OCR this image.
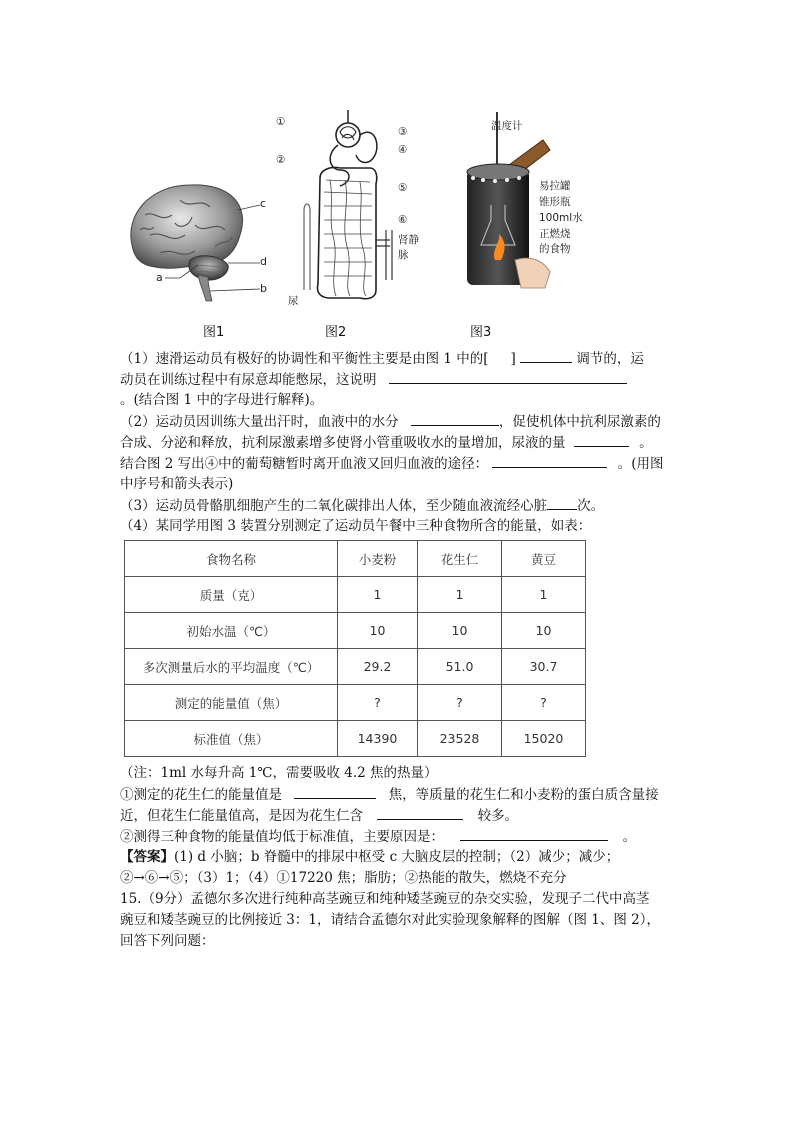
c
d
a
b
图1
①
②
③
④
⑤
⑥
肾静脉
尿
图2
温度计
易拉罐
锥形瓶
100ml水
正燃烧
的食物
图3
（1）速滑运动员有极好的协调性和平衡性主要是由图 1 中的[ ]	调节的，运
动员在训练过程中有尿意却能憋尿，这说明
。(结合图 1 中的字母进行解释)。
（2）运动员因训练大量出汗时，血液中的水分	，促使机体中抗利尿激素的
合成、分泌和释放，抗利尿激素增多使肾小管重吸收水的量增加，尿液的量	。
结合图 2 写出④中的葡萄糖暂时离开血液又回归血液的途径：	。(用图
中序号和箭头表示)
（3）运动员骨骼肌细胞产生的二氧化碳排出人体，至少随血液流经心脏 次。
（4）某同学用图 3 装置分别测定了运动员午餐中三种食物所含的能量，如表：
食物名称	小麦粉	花生仁	黄豆
质量（克）	1	1	1
初始水温（℃）	10	10	10
多次测量后水的平均温度（℃）	29.2	51.0	30.7
测定的能量值（焦）	?	?	?
标准值（焦）	14390	23528	15020
（注：1ml 水每升高 1℃，需要吸收 4.2 焦的热量）
①测定的花生仁的能量值是	焦，等质量的花生仁和小麦粉的蛋白质含量接
近，但花生仁能量值高，是因为花生仁含	较多。
②测得三种食物的能量值均低于标准值，主要原因是：	。
【答案】(1) d 小脑；b 脊髓中的排尿中枢受 c 大脑皮层的控制；（2）减少；减少；
②→⑥→⑤；（3）1；（4）①17220 焦；脂肪；②热能的散失，燃烧不充分
15.（9分）孟德尔多次进行纯种高茎豌豆和纯种矮茎豌豆的杂交实验，发现子二代中高茎
豌豆和矮茎豌豆的比例接近 3：1，请结合孟德尔对此实验现象解释的图解（图 1、图 2），
回答下列问题：
